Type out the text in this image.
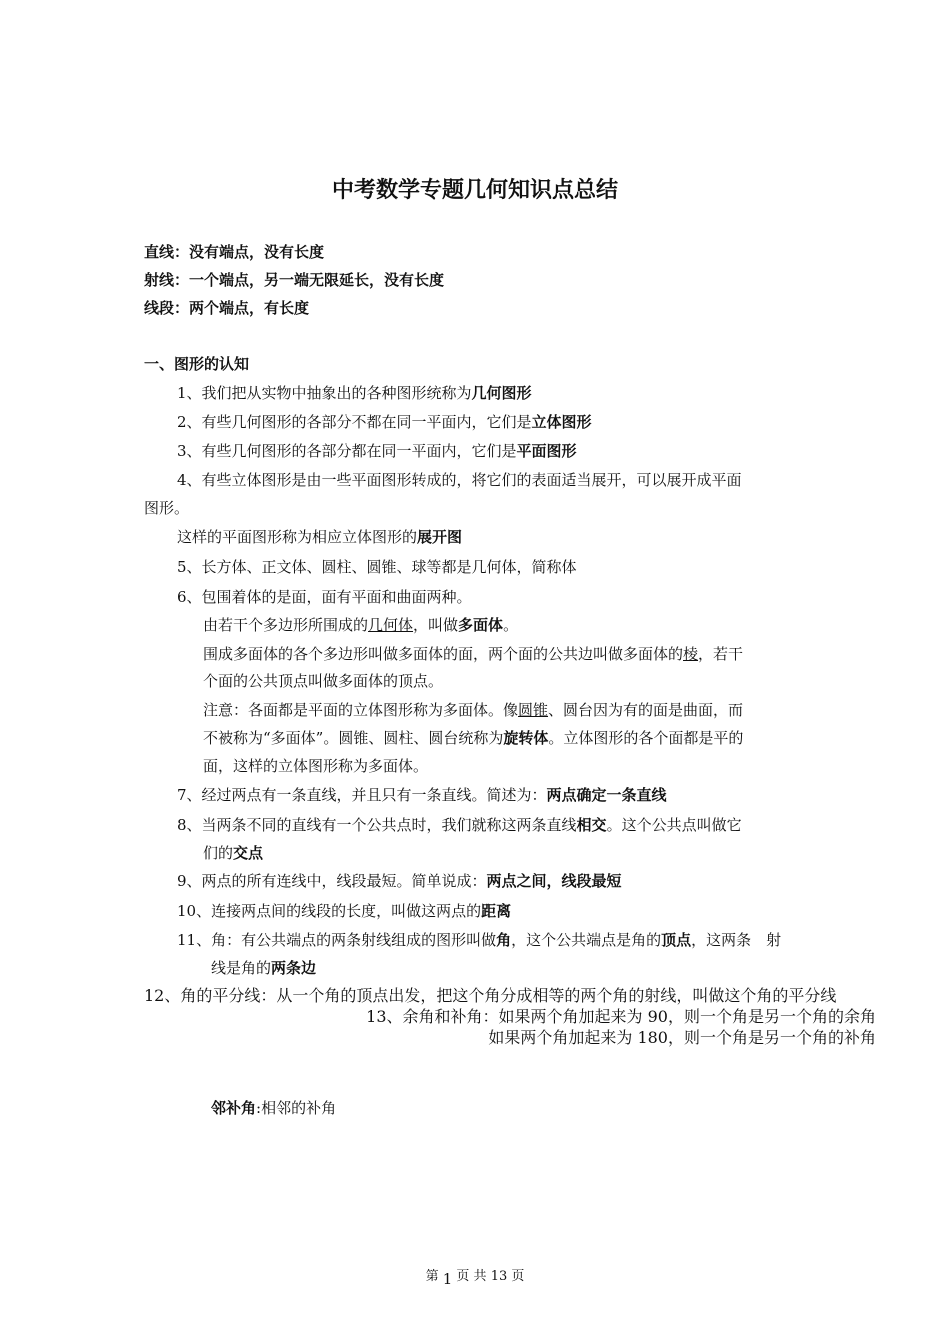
中考数学专题几何知识点总结
直线：没有端点，没有长度
射线：一个端点，另一端无限延长，没有长度
线段：两个端点，有长度
一、图形的认知
1、我们把从实物中抽象出的各种图形统称为几何图形
2、有些几何图形的各部分不都在同一平面内，它们是立体图形
3、有些几何图形的各部分都在同一平面内，它们是平面图形
4、有些立体图形是由一些平面图形转成的，将它们的表面适当展开，可以展开成平面
图形。
这样的平面图形称为相应立体图形的展开图
5、长方体、正文体、圆柱、圆锥、球等都是几何体，简称体
6、包围着体的是面，面有平面和曲面两种。
由若干个多边形所围成的几何体，叫做多面体。
围成多面体的各个多边形叫做多面体的面，两个面的公共边叫做多面体的棱，若干
个面的公共顶点叫做多面体的顶点。
注意：各面都是平面的立体图形称为多面体。像圆锥、圆台因为有的面是曲面，而
不被称为“多面体”。圆锥、圆柱、圆台统称为旋转体。立体图形的各个面都是平的
面，这样的立体图形称为多面体。
7、经过两点有一条直线，并且只有一条直线。简述为：两点确定一条直线
8、当两条不同的直线有一个公共点时，我们就称这两条直线相交。这个公共点叫做它
们的交点
9、两点的所有连线中，线段最短。简单说成：两点之间，线段最短
10、连接两点间的线段的长度，叫做这两点的距离
11、角：有公共端点的两条射线组成的图形叫做角，这个公共端点是角的顶点，这两条　射
线是角的两条边
12、角的平分线：从一个角的顶点出发，把这个角分成相等的两个角的射线，叫做这个角的平分线
13、余角和补角：如果两个角加起来为 90，则一个角是另一个角的余角
如果两个角加起来为 180，则一个角是另一个角的补角
邻补角:相邻的补角
第 1 页 共 13 页
